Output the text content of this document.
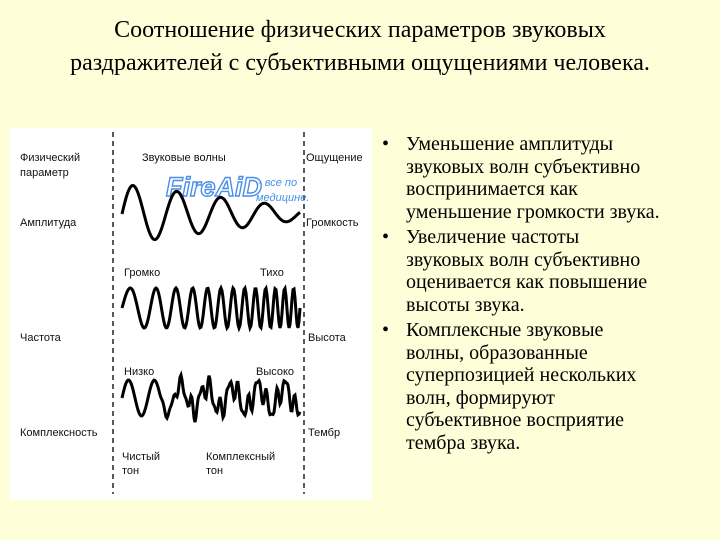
Соотношение физических параметров звуковых
раздражителей с субъективными ощущениями человека.
Физический
параметр
Звуковые волны	Ощущение
FireAiD
- все по
медицине.
Амплитуда	Громкость
Громко	Тихо
Частота	Высота
Низко	Высоко
Комплексность	Тембр
Чистый
тон
Комплексный
тон
• Уменьшение амплитуды
звуковых волн субъективно
воспринимается как
уменьшение громкости звука.
• Увеличение частоты
звуковых волн субъективно
оценивается как повышение
высоты звука.
• Комплексные звуковые
волны, образованные
суперпозицией нескольких
волн, формируют
субъективное восприятие
тембра звука.
